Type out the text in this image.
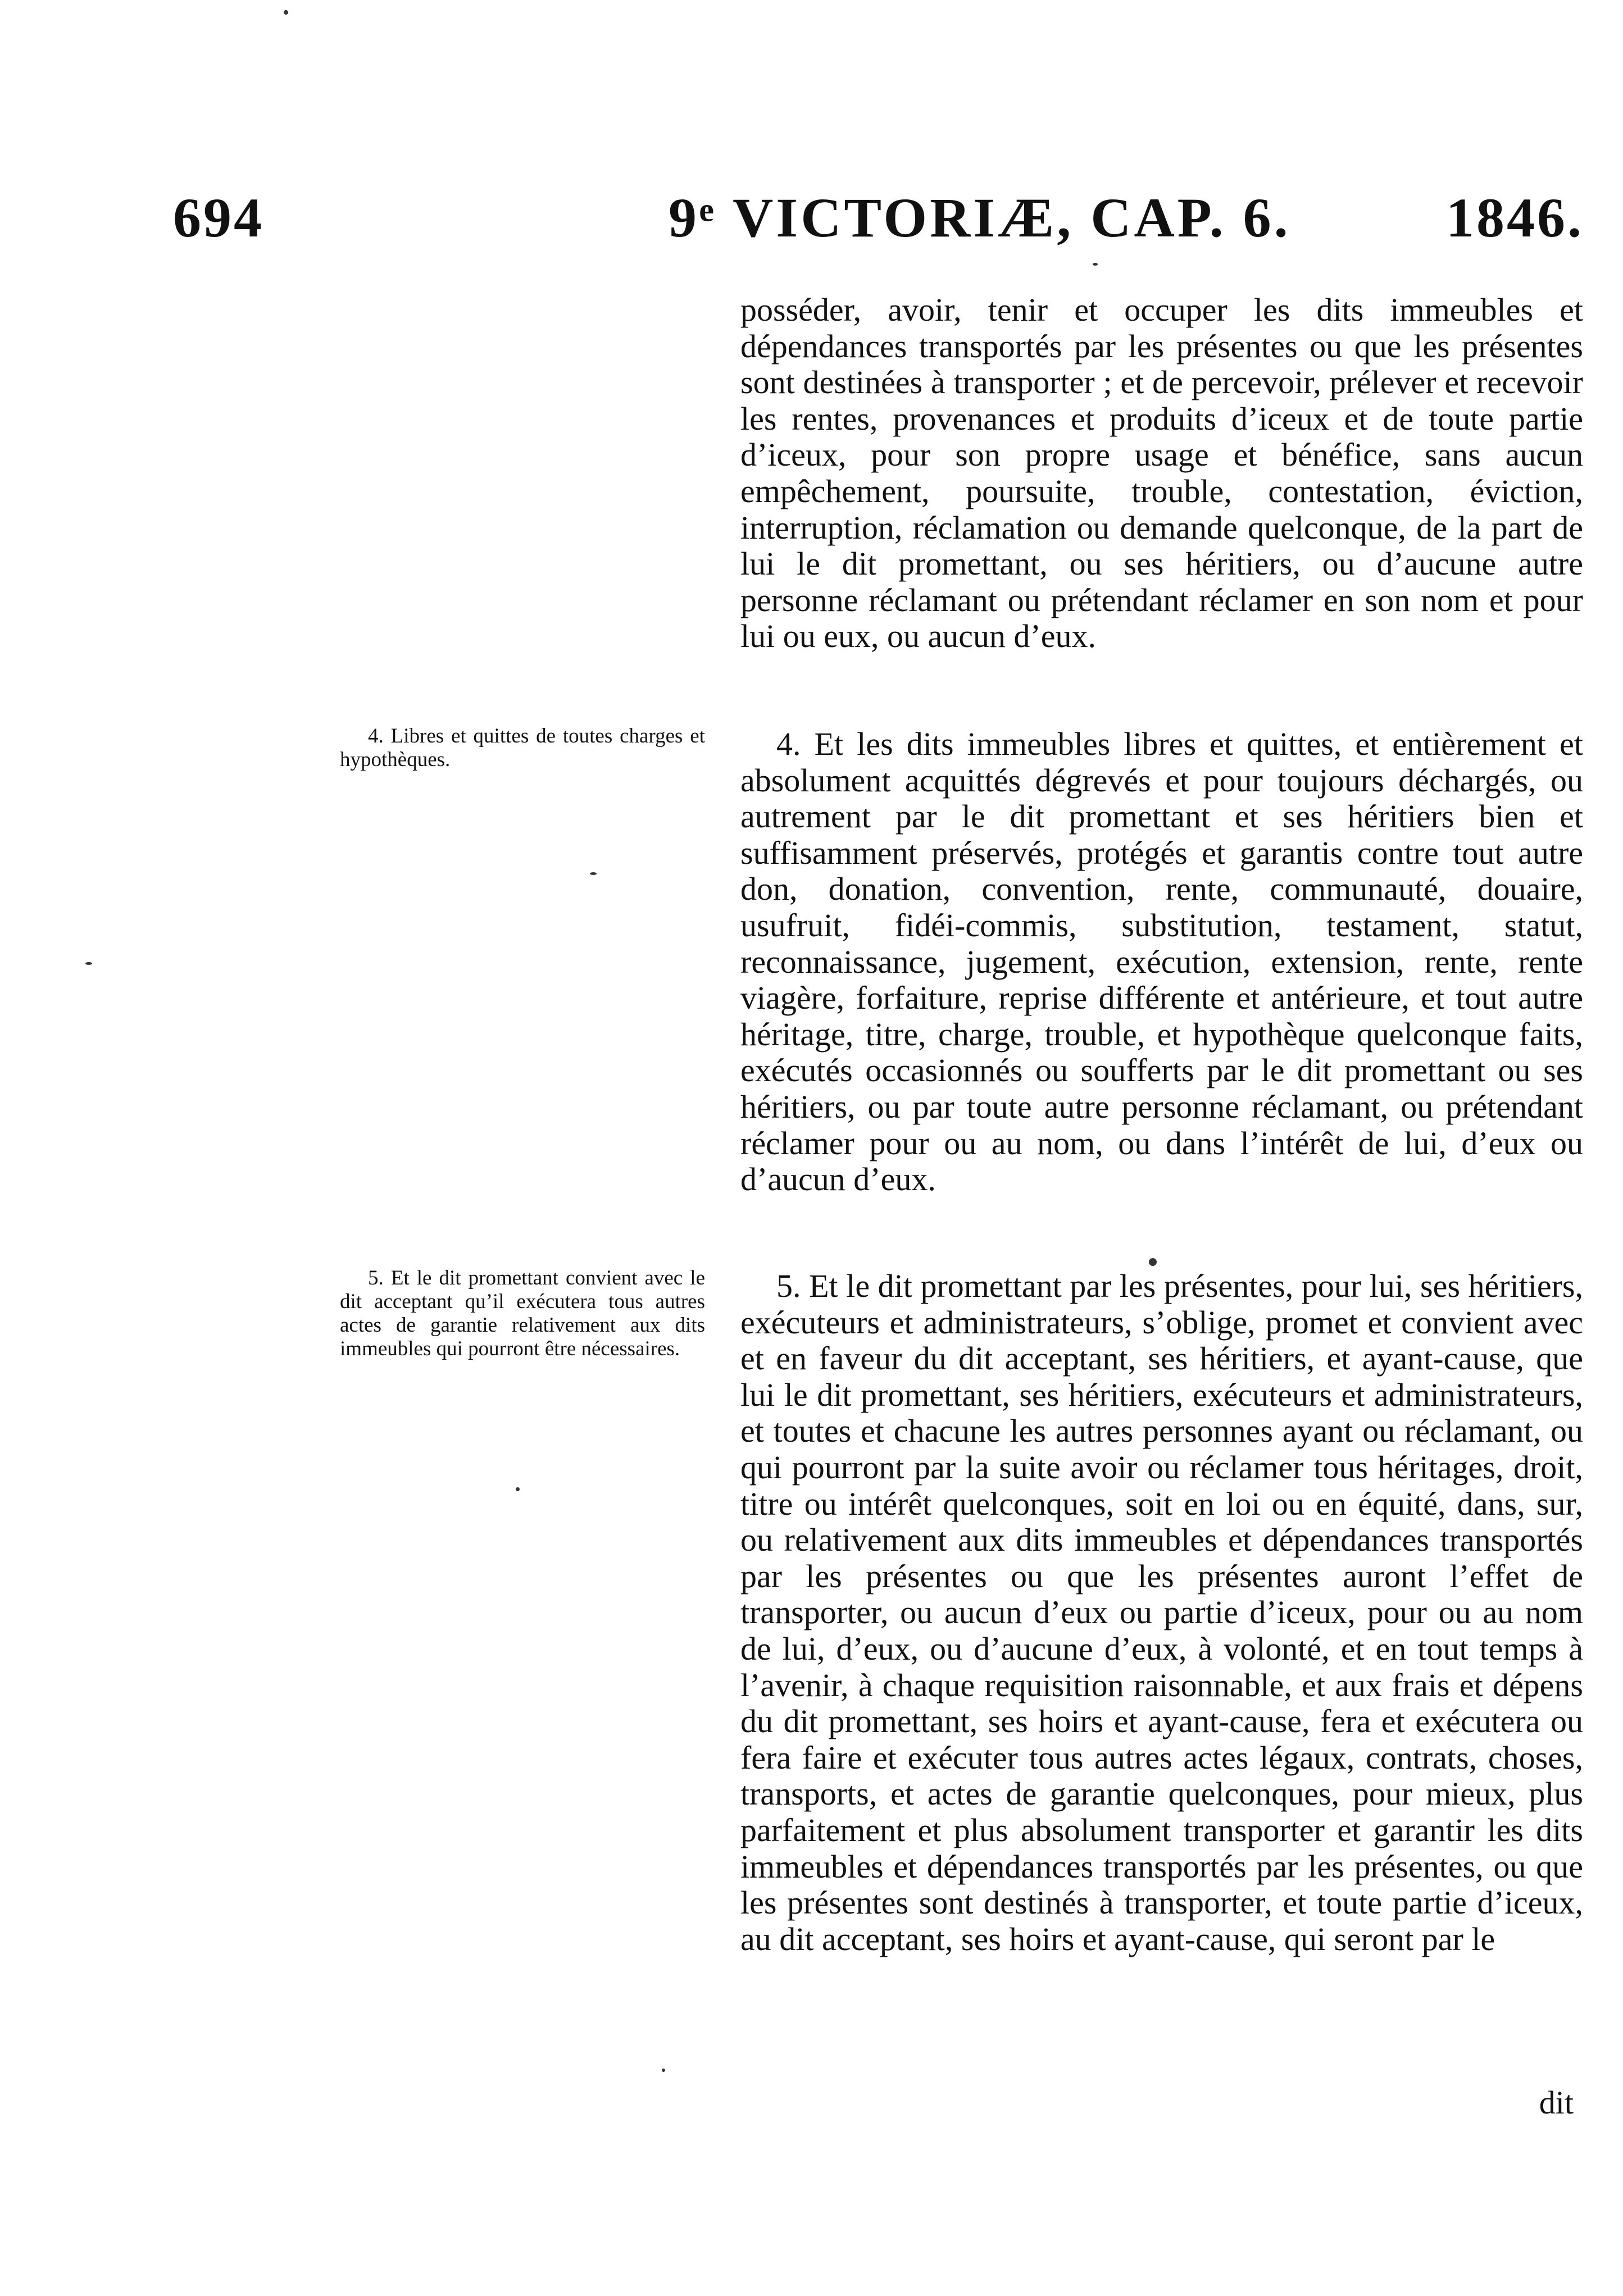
694	9ᵉ VICTORIÆ, CAP. 6.	1846.

posséder, avoir, tenir et occuper les dits immeubles et dépendances transportés par les présentes ou que les présentes sont destinées à transporter ; et de percevoir, prélever et recevoir les rentes, provenances et produits d’iceux et de toute partie d’iceux, pour son propre usage et bénéfice, sans aucun empêchement, poursuite, trouble, contestation, éviction, interruption, réclamation ou demande quelconque, de la part de lui le dit promettant, ou ses héritiers, ou d’aucune autre personne réclamant ou prétendant réclamer en son nom et pour lui ou eux, ou aucun d’eux.

4. Libres et quittes de toutes charges et hypothèques.	4. Et les dits immeubles libres et quittes, et entièrement et absolument acquittés dégrevés et pour toujours déchargés, ou autrement par le dit promettant et ses héritiers bien et suffisamment préservés, protégés et garantis contre tout autre don, donation, convention, rente, communauté, douaire, usufruit, fidéi-commis, substitution, testament, statut, reconnaissance, jugement, exécution, extension, rente, rente viagère, forfaiture, reprise différente et antérieure, et tout autre héritage, titre, charge, trouble, et hypothèque quelconque faits, exécutés occasionnés ou soufferts par le dit promettant ou ses héritiers, ou par toute autre personne réclamant, ou prétendant réclamer pour ou au nom, ou dans l’intérêt de lui, d’eux ou d’aucun d’eux.

5. Et le dit promettant convient avec le dit acceptant qu’il exécutera tous autres actes de garantie relativement aux dits immeubles qui pourront être nécessaires.

5. Et le dit promettant par les présentes, pour lui, ses héritiers, exécuteurs et administrateurs, s’oblige, promet et convient avec et en faveur du dit acceptant, ses héritiers, et ayant-cause, que lui le dit promettant, ses héritiers, exécuteurs et administrateurs, et toutes et chacune les autres personnes ayant ou réclamant, ou qui pourront par la suite avoir ou réclamer tous héritages, droit, titre ou intérêt quelconques, soit en loi ou en équité, dans, sur, ou relativement aux dits immeubles et dépendances transportés par les présentes ou que les présentes auront l’effet de transporter, ou aucun d’eux ou partie d’iceux, pour ou au nom de lui, d’eux, ou d’aucune d’eux, à volonté, et en tout temps à l’avenir, à chaque requisition raisonnable, et aux frais et dépens du dit promettant, ses hoirs et ayant-cause, fera et exécutera ou fera faire et exécuter tous autres actes légaux, contrats, choses, transports, et actes de garantie quelconques, pour mieux, plus parfaitement et plus absolument transporter et garantir les dits immeubles et dépendances transportés par les présentes, ou que les présentes sont destinés à transporter, et toute partie d’iceux, au dit acceptant, ses hoirs et ayant-cause, qui seront par le

dit
